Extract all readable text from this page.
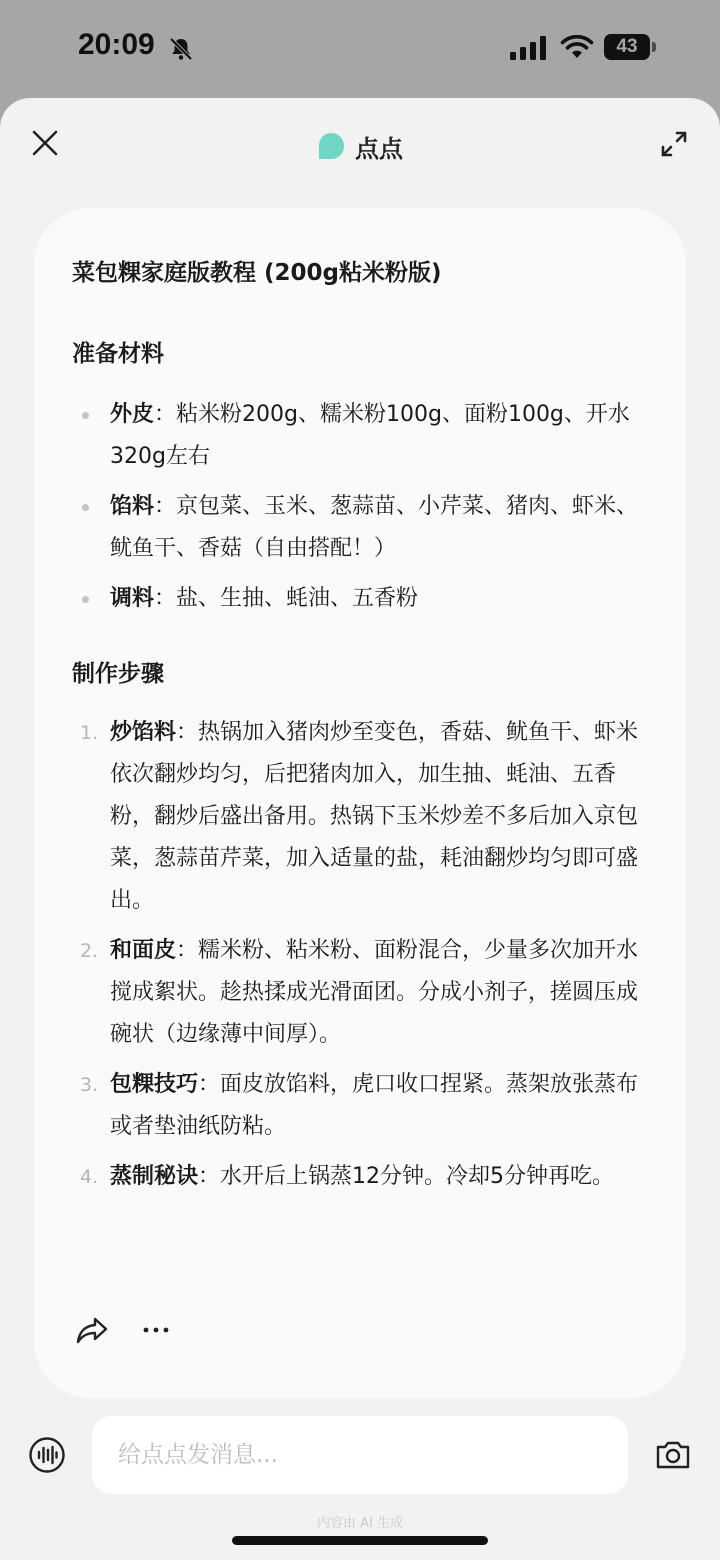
20:09	43
点点
菜包粿家庭版教程 (200g粘米粉版)
准备材料
外皮：粘米粉200g、糯米粉100g、面粉100g、开水320g左右
馅料：京包菜、玉米、葱蒜苗、小芹菜、猪肉、虾米、鱿鱼干、香菇（自由搭配！）
调料：盐、生抽、蚝油、五香粉
制作步骤
1. 炒馅料：热锅加入猪肉炒至变色，香菇、鱿鱼干、虾米依次翻炒均匀，后把猪肉加入，加生抽、蚝油、五香粉，翻炒后盛出备用。热锅下玉米炒差不多后加入京包菜，葱蒜苗芹菜，加入适量的盐，耗油翻炒均匀即可盛出。
2. 和面皮：糯米粉、粘米粉、面粉混合，少量多次加开水搅成絮状。趁热揉成光滑面团。分成小剂子，搓圆压成碗状（边缘薄中间厚）。
3. 包粿技巧：面皮放馅料，虎口收口捏紧。蒸架放张蒸布或者垫油纸防粘。
4. 蒸制秘诀：水开后上锅蒸12分钟。冷却5分钟再吃。
给点点发消息...
内容由 AI 生成
